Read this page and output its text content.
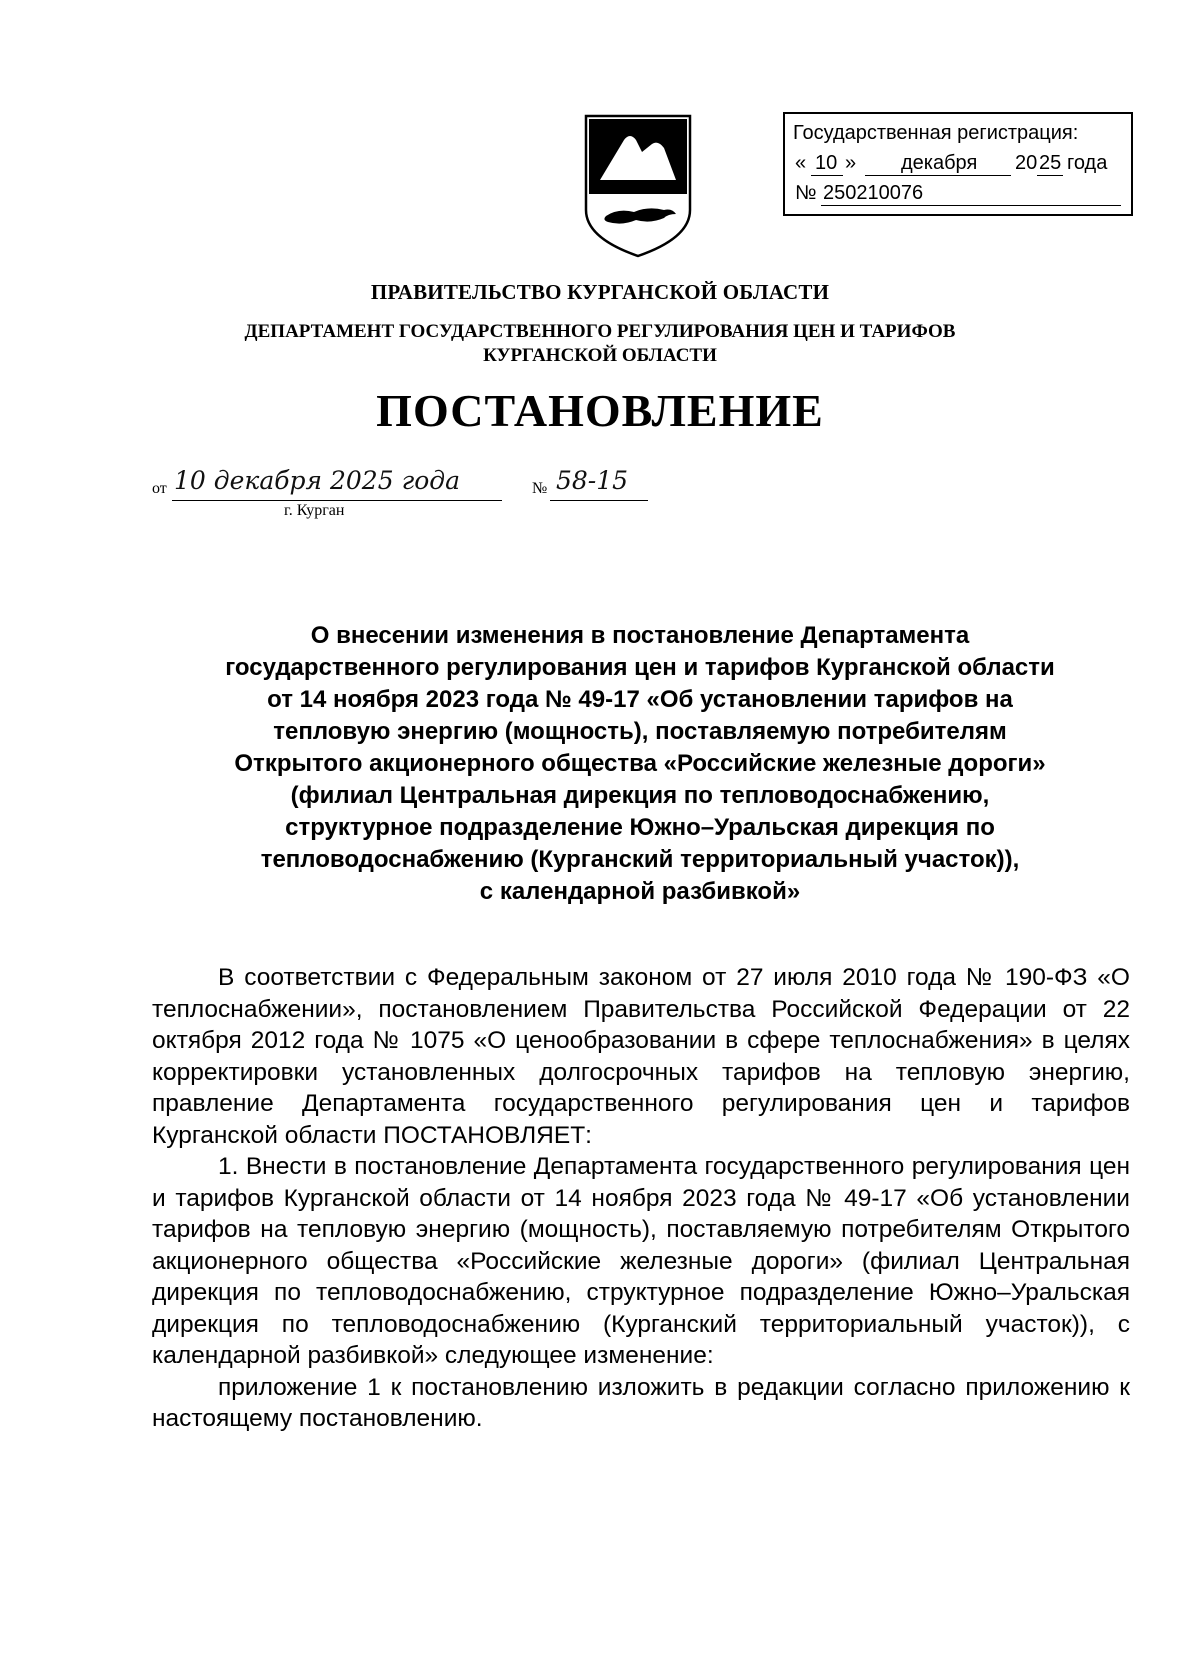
Государственная регистрация:
« 10 » декабря 20 25 года
№ 250210076
ПРАВИТЕЛЬСТВО КУРГАНСКОЙ ОБЛАСТИ
ДЕПАРТАМЕНТ ГОСУДАРСТВЕННОГО РЕГУЛИРОВАНИЯ ЦЕН И ТАРИФОВ
КУРГАНСКОЙ ОБЛАСТИ
ПОСТАНОВЛЕНИЕ
от 10 декабря 2025 года	№ 58-15
г. Курган
О внесении изменения в постановление Департамента
государственного регулирования цен и тарифов Курганской области
от 14 ноября 2023 года № 49-17 «Об установлении тарифов на
тепловую энергию (мощность), поставляемую потребителям
Открытого акционерного общества «Российские железные дороги»
(филиал Центральная дирекция по тепловодоснабжению,
структурное подразделение Южно–Уральская дирекция по
тепловодоснабжению (Курганский территориальный участок)),
с календарной разбивкой»

В соответствии с Федеральным законом от 27 июля 2010 года № 190-ФЗ «О теплоснабжении», постановлением Правительства Российской Федерации от 22 октября 2012 года № 1075 «О ценообразовании в сфере теплоснабжения» в целях корректировки установленных долгосрочных тарифов на тепловую энергию, правление Департамента государственного регулирования цен и тарифов Курганской области ПОСТАНОВЛЯЕТ:

1. Внести в постановление Департамента государственного регулирования цен и тарифов Курганской области от 14 ноября 2023 года № 49-17 «Об установлении тарифов на тепловую энергию (мощность), поставляемую потребителям Открытого акционерного общества «Российские железные дороги» (филиал Центральная дирекция по тепловодоснабжению, структурное подразделение Южно–Уральская дирекция по тепловодоснабжению (Курганский территориальный участок)), с календарной разбивкой» следующее изменение:

приложение 1 к постановлению изложить в редакции согласно приложению к настоящему постановлению.
